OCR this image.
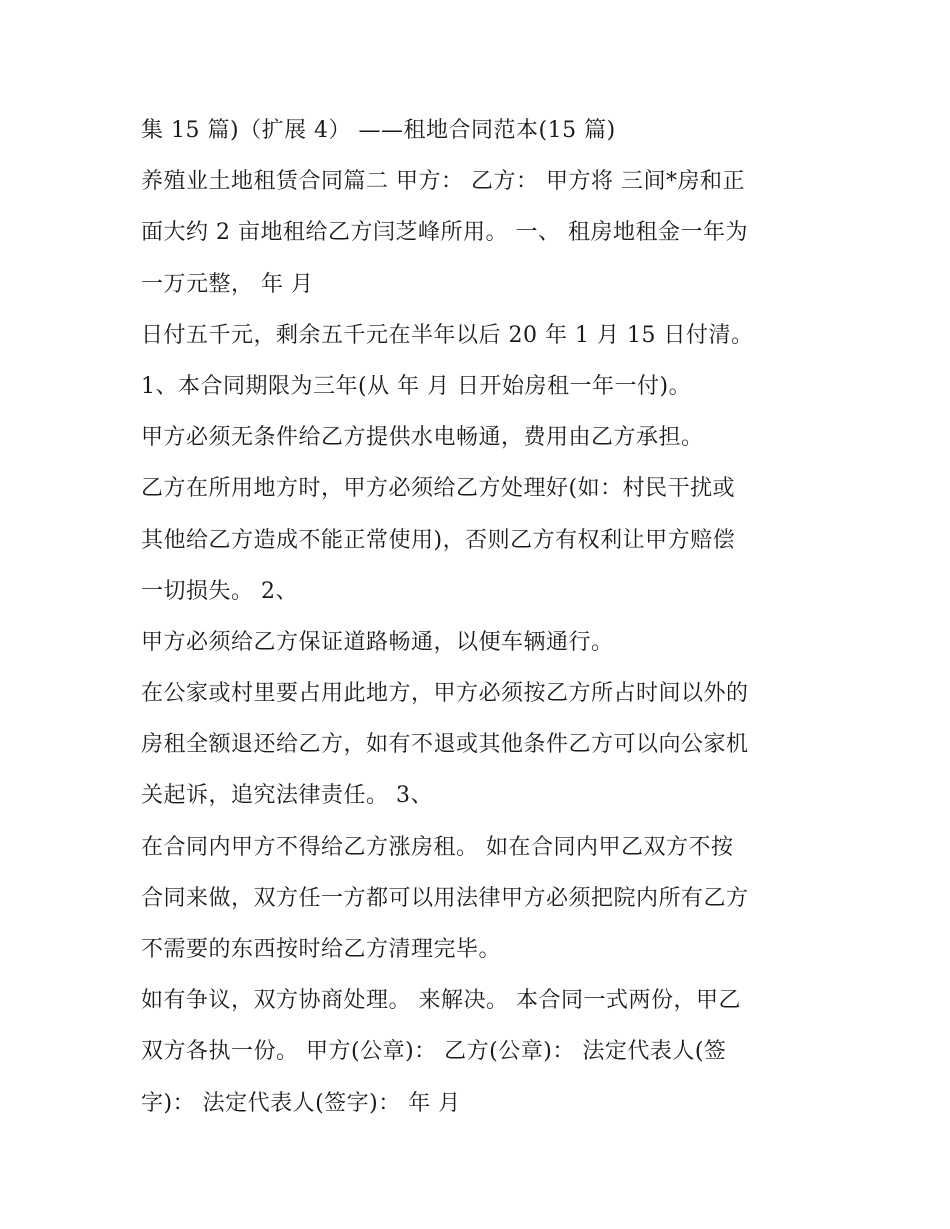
集 15 篇)（扩展 4） ——租地合同范本(15 篇)
养殖业土地租赁合同篇二 甲方： 乙方： 甲方将 三间*房和正
面大约 2 亩地租给乙方闫芝峰所用。 一、 租房地租金一年为
一万元整， 年 月
日付五千元，剩余五千元在半年以后 20 年 1 月 15 日付清。
1、本合同期限为三年(从 年 月 日开始房租一年一付)。
甲方必须无条件给乙方提供水电畅通，费用由乙方承担。
乙方在所用地方时，甲方必须给乙方处理好(如：村民干扰或
其他给乙方造成不能正常使用)，否则乙方有权利让甲方赔偿
一切损失。 2、
甲方必须给乙方保证道路畅通，以便车辆通行。
在公家或村里要占用此地方，甲方必须按乙方所占时间以外的
房租全额退还给乙方，如有不退或其他条件乙方可以向公家机
关起诉，追究法律责任。 3、
在合同内甲方不得给乙方涨房租。 如在合同内甲乙双方不按
合同来做，双方任一方都可以用法律甲方必须把院内所有乙方
不需要的东西按时给乙方清理完毕。
如有争议，双方协商处理。 来解决。 本合同一式两份，甲乙
双方各执一份。 甲方(公章)： 乙方(公章)： 法定代表人(签
字)： 法定代表人(签字)： 年 月
